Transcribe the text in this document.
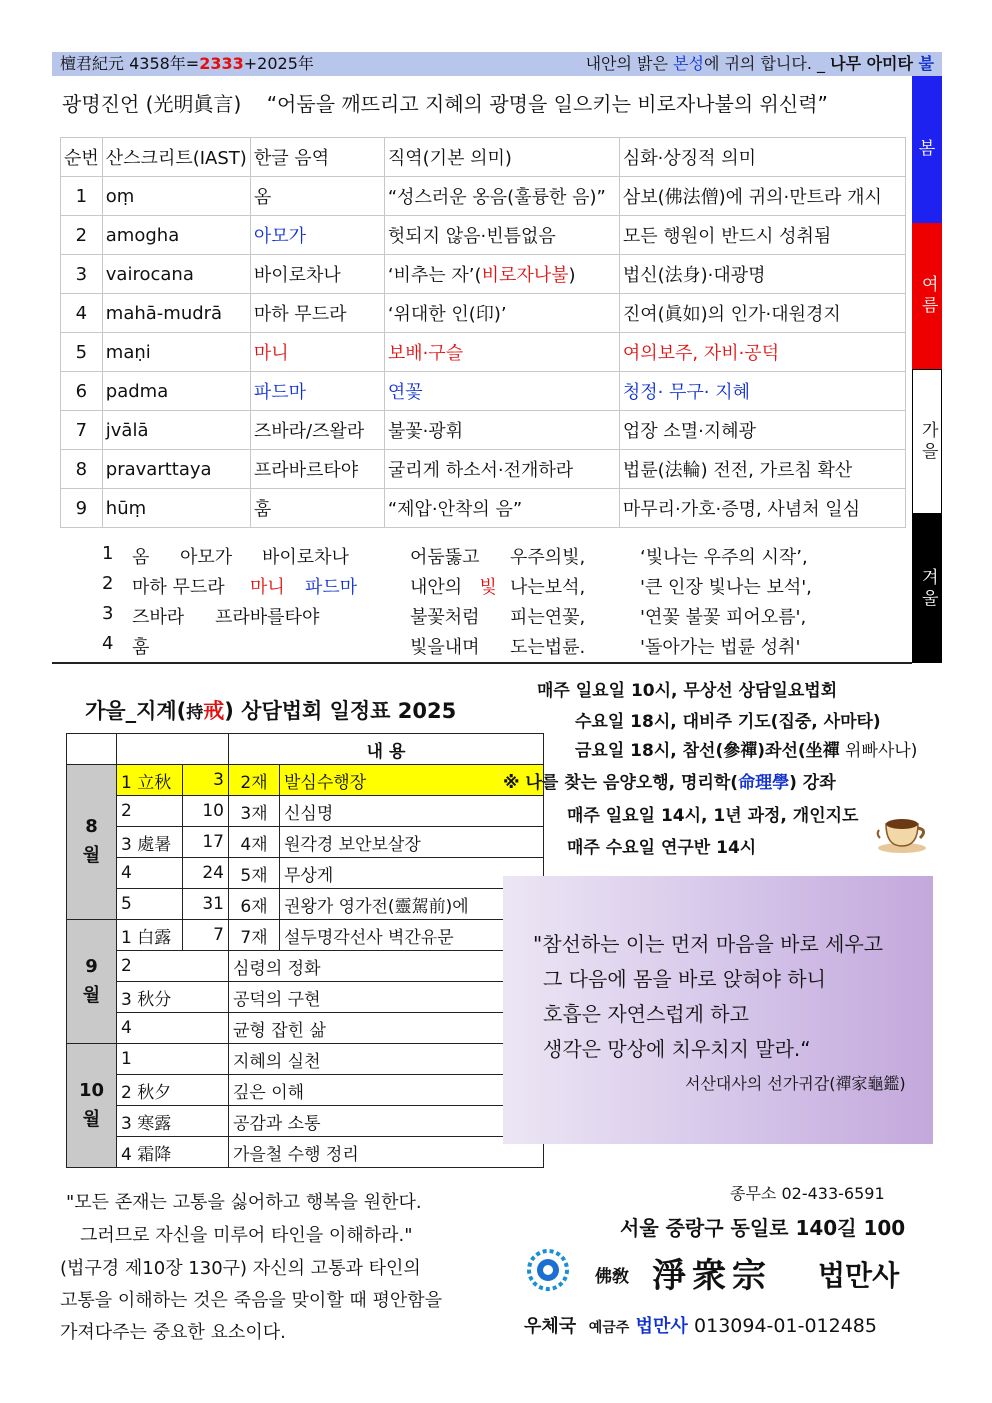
檀君紀元 4358年=2333+2025年	내안의 밝은 본성에 귀의 합니다. _ 나무 아미타 불
광명진언 (光明眞言) “어둠을 깨뜨리고 지혜의 광명을 일으키는 비로자나불의 위신력”
봄
여름
가을
겨울
순번	산스크리트(IAST)	한글 음역	직역(기본 의미)	심화·상징적 의미
1	oṃ	옴	“성스러운 옹음(훌륭한 음)”	삼보(佛法僧)에 귀의·만트라 개시
2	amogha	아모가	헛되지 않음·빈틈없음	모든 행원이 반드시 성취됨
3	vairocana	바이로차나	‘비추는 자’(비로자나불)	법신(法身)·대광명
4	mahā-mudrā	마하 무드라	‘위대한 인(印)’	진여(眞如)의 인가·대원경지
5	maṇi	마니	보배·구슬	여의보주, 자비·공덕
6	padma	파드마	연꽃	청정· 무구· 지혜
7	jvālā	즈바라/즈왈라	불꽃·광휘	업장 소멸·지혜광
8	pravarttaya	프라바르타야	굴리게 하소서·전개하라	법륜(法輪) 전전, 가르침 확산
9	hūṃ	훔	“제압·안착의 음”	마무리·가호·증명, 사념처 일심
1 옴 아모가 바이로차나	어둠뚫고 우주의빛,	‘빛나는 우주의 시작’,
2 마하 무드라 마니 파드마	내안의 빛 나는보석,	'큰 인장 빛나는 보석',
3 즈바라 프라바를타야	불꽃처럼 피는연꽃,	'연꽃 불꽃 피어오름',
4 훔	빛을내며 도는법륜.	'돌아가는 법륜 성취'
가을_지계(持戒) 상담법회 일정표 2025
			내 용	
8월	1 立秋	3	2재	발심수행장
	2	10	3재	신심명
	3 處暑	17	4재	원각경 보안보살장
	4	24	5재	무상게
	5	31	6재	권왕가 영가전(靈駕前)에
9월	1 白露	7	7재	설두명각선사 벽간유문
	2		심령의 정화	
	3 秋分		공덕의 구현	
	4		균형 잡힌 삶	
10월	1		지혜의 실천	
	2 秋夕		깊은 이해	
	3 寒露		공감과 소통	
	4 霜降		가을철 수행 정리	
매주 일요일 10시, 무상선 상담일요법회
수요일 18시, 대비주 기도(집중, 사마타)
금요일 18시, 참선(參禪)좌선(坐禪 위빠사나)
※ 나를 찾는 음양오행, 명리학(命理學) 강좌
매주 일요일 14시, 1년 과정, 개인지도
매주 수요일 연구반 14시
"참선하는 이는 먼저 마음을 바로 세우고
그 다음에 몸을 바로 앉혀야 하니
호흡은 자연스럽게 하고
생각은 망상에 치우치지 말라.“
서산대사의 선가귀감(禪家龜鑑)
"모든 존재는 고통을 싫어하고 행복을 원한다.
그러므로 자신을 미루어 타인을 이해하라."
(법구경 제10장 130구) 자신의 고통과 타인의
고통을 이해하는 것은 죽음을 맞이할 때 평안함을
가져다주는 중요한 요소이다.
종무소 02-433-6591
서울 중랑구 동일로 140길 100
佛敎 淨衆宗 법만사
우체국 예금주 법만사 013094-01-012485
